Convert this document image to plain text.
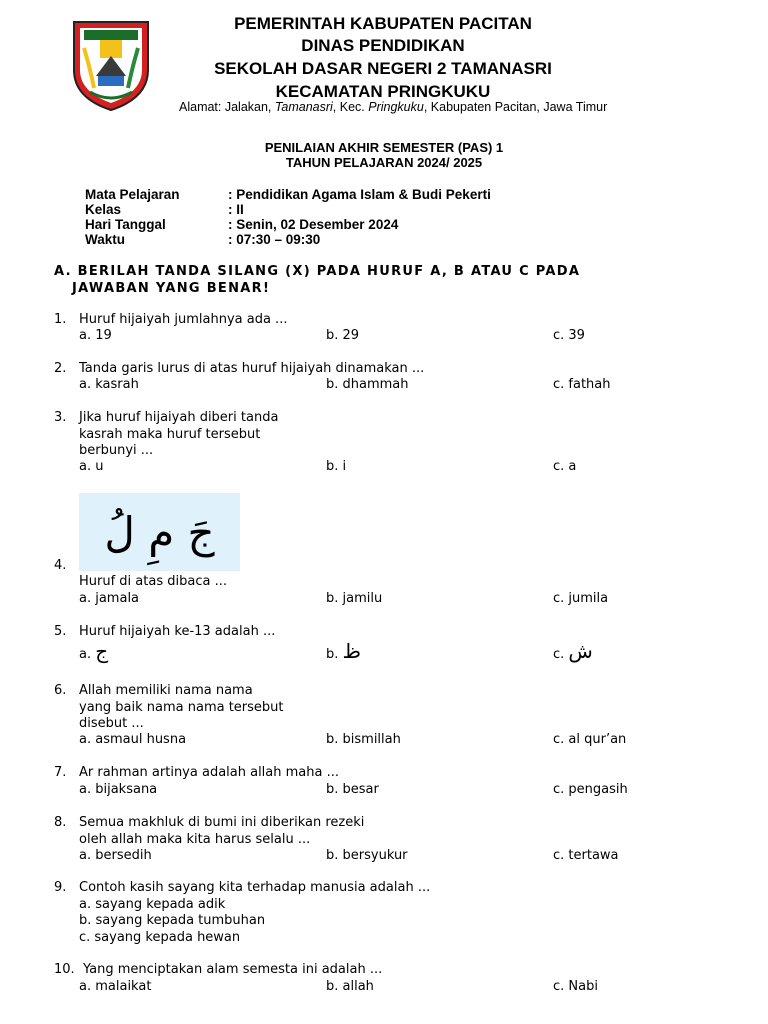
PEMERINTAH KABUPATEN PACITAN
DINAS PENDIDIKAN
SEKOLAH DASAR NEGERI 2 TAMANASRI
KECAMATAN PRINGKUKU
Alamat: Jalakan, Tamanasri, Kec. Pringkuku, Kabupaten Pacitan, Jawa Timur
PENILAIAN AKHIR SEMESTER (PAS) 1
TAHUN PELAJARAN 2024/ 2025
Mata Pelajaran	: Pendidikan Agama Islam & Budi Pekerti
Kelas	: II
Hari Tanggal	: Senin, 02 Desember 2024
Waktu	: 07:30 – 09:30
A. BERILAH TANDA SILANG (X) PADA HURUF A, B ATAU C PADA
JAWABAN YANG BENAR!
1. Huruf hijaiyah jumlahnya ada ...
a. 19	b. 29	c. 39
2. Tanda garis lurus di atas huruf hijaiyah dinamakan ...
a. kasrah	b. dhammah	c. fathah
3. Jika huruf hijaiyah diberi tanda
kasrah maka huruf tersebut
berbunyi ...
a. u	b. i	c. a
جَ مِ لُ
4.
Huruf di atas dibaca ...
a. jamala	b. jamilu	c. jumila
5. Huruf hijaiyah ke-13 adalah ...
a. ج	b. ظ	c. ش
6. Allah memiliki nama nama
yang baik nama nama tersebut
disebut ...
a. asmaul husna	b. bismillah	c. al qur’an
7. Ar rahman artinya adalah allah maha ...
a. bijaksana	b. besar	c. pengasih
8. Semua makhluk di bumi ini diberikan rezeki
oleh allah maka kita harus selalu ...
a. bersedih	b. bersyukur	c. tertawa
9. Contoh kasih sayang kita terhadap manusia adalah ...
a. sayang kepada adik
b. sayang kepada tumbuhan
c. sayang kepada hewan
10. Yang menciptakan alam semesta ini adalah ...
a. malaikat	b. allah	c. Nabi
